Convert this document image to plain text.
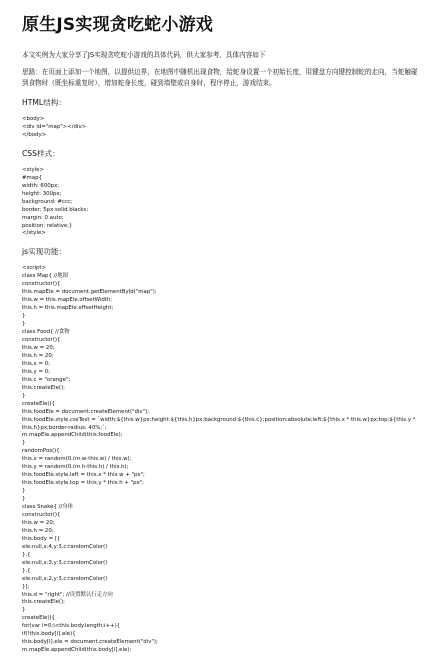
原生JS实现贪吃蛇小游戏
本文实例为大家分享了JS实现贪吃蛇小游戏的具体代码，供大家参考，具体内容如下
思路：在页面上添加一个地图，以提供边界，在地图中随机出现食物，给蛇身设置一个初始长度，用键盘方向键控制蛇的走向，当蛇触碰到食物时（既坐标重复时），增加蛇身长度，碰到墙壁或自身时，程序停止，游戏结束。
HTML结构：
<body>
<div id="map"></div>
</body>
CSS样式：
<style>
#map{
width: 600px;
height: 300px;
background: #ccc;
border: 5px solid blacks;
margin: 0 auto;
position: relative;}
</style>
js实现功能：
<script>
class Map{ //地图
constructor(){
this.mapEle = document.getElementById("map");
this.w = this.mapEle.offsetWidth;
this.h = this.mapEle.offsetHeight;
}
}
class Food{ //食物
constructor(){
this.w = 20;
this.h = 20;
this.x = 0;
this.y = 0;
this.c = "orange";
this.createEle();
}
createEle(){
this.foodEle = document.createElement("div");
this.foodEle.style.cssText = `width:${this.w}px;height:${this.h}px;background:${this.c};position:absolute;left:${this.x * this.w}px;top:${this.y *
this.h}px;border-radius: 40%;`;
m.mapEle.appendChild(this.foodEle);
}
randomPos(){
this.x = random(0,(m.w-this.w) / this.w);
this.y = random(0,(m.h-this.h) / this.h);
this.foodEle.style.left = this.x * this.w + "px";
this.foodEle.style.top = this.y * this.h + "px";
}
}
class Snake{ //身体
constructor(){
this.w = 20;
this.h = 20;
this.body = [{
ele:null,x:4,y:3,c:randomColor()
},{
ele:null,x:3,y:3,c:randomColor()
},{
ele:null,x:2,y:3,c:randomColor()
}];
this.d = "right"; //设置默认行走方向
this.createEle();
}
createEle(){
for(var i=0;i<this.body.length;i++){
if(!this.body[i].ele){
this.body[i].ele = document.createElement("div");
m.mapEle.appendChild(this.body[i].ele);
